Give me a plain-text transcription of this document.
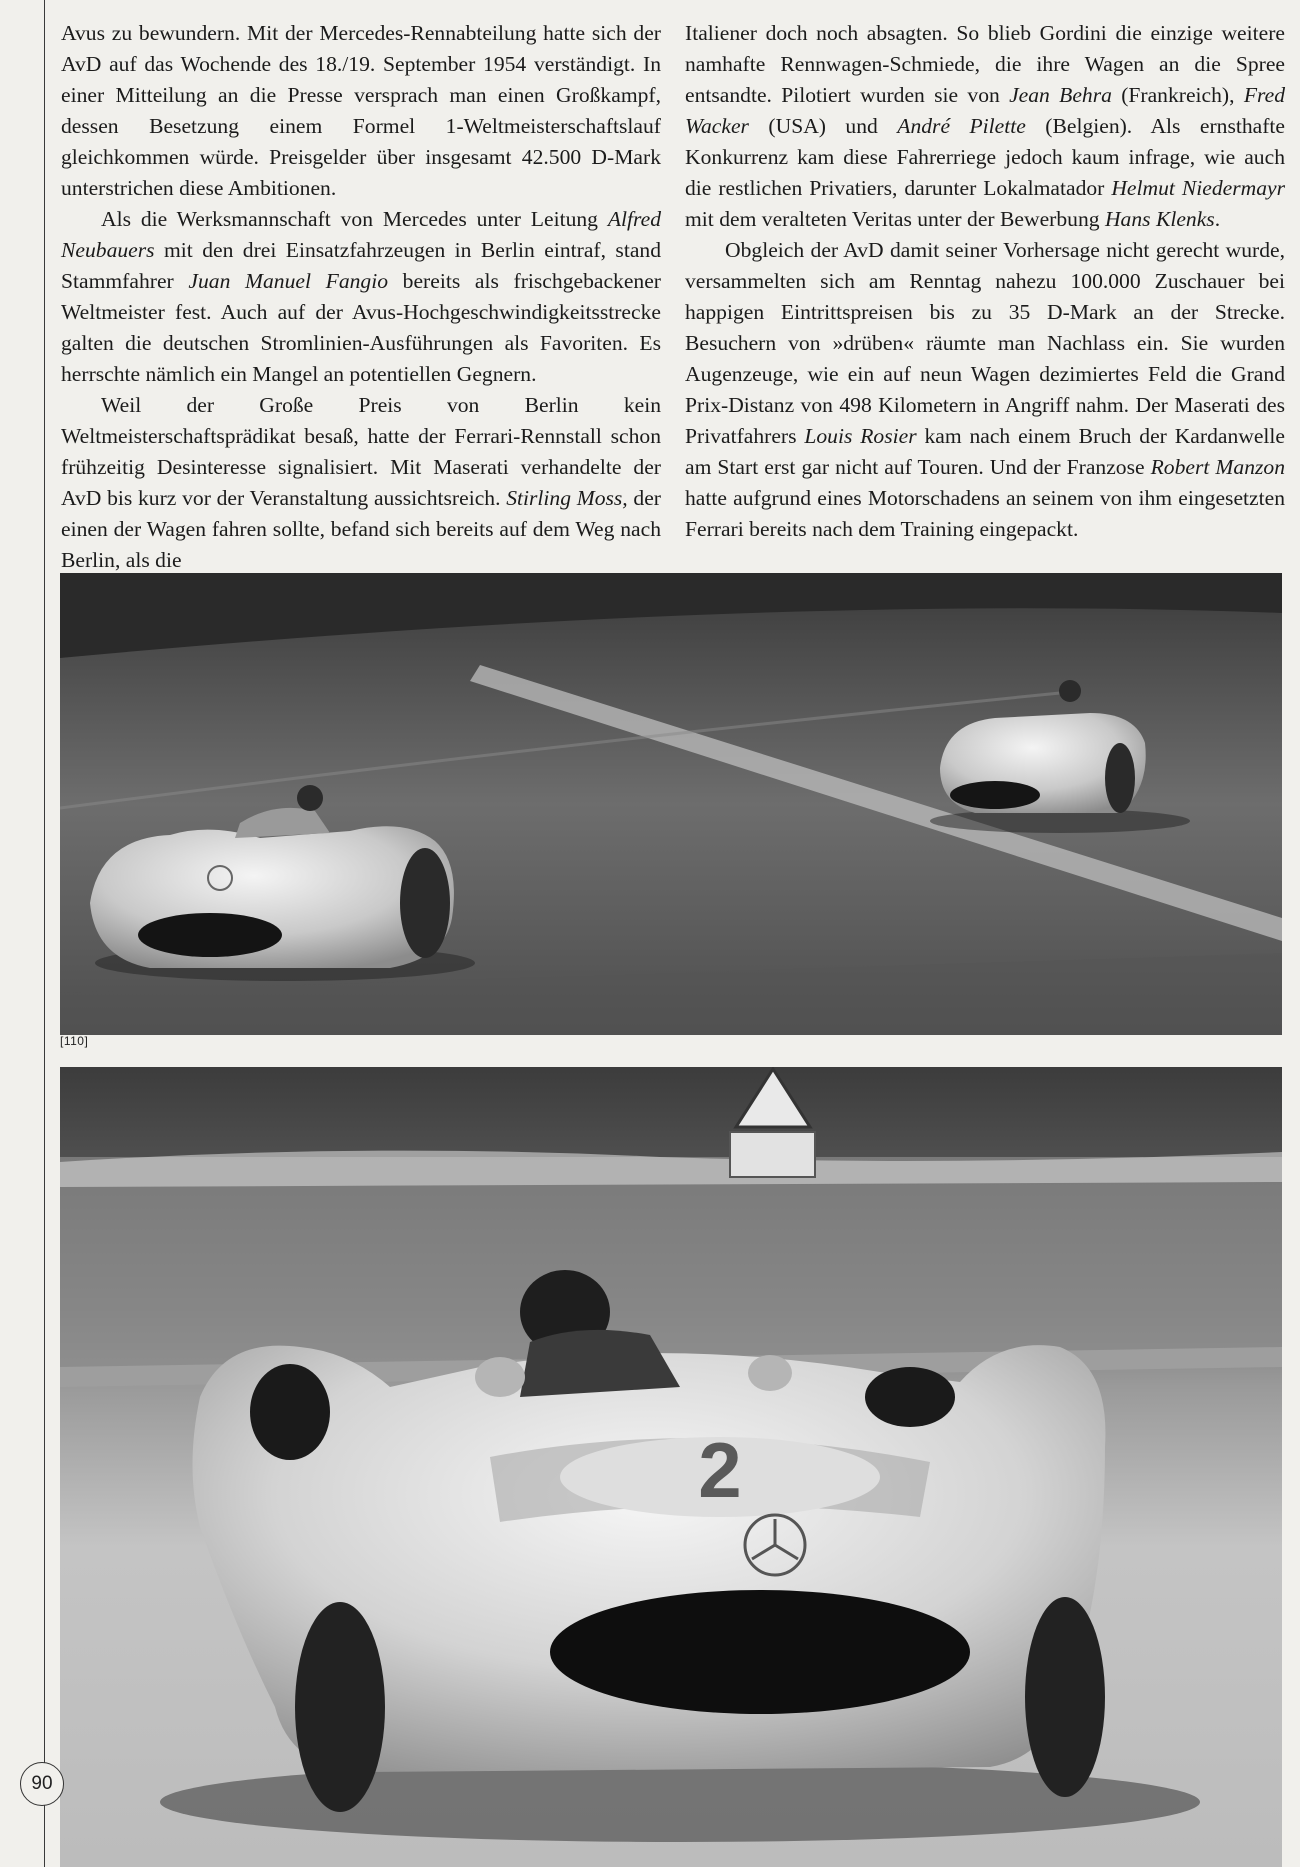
Avus zu bewundern. Mit der Mercedes-Rennabteilung hatte sich der AvD auf das Wochende des 18./19. September 1954 verständigt. In einer Mitteilung an die Presse versprach man einen Großkampf, dessen Besetzung einem Formel 1-Weltmeisterschaftslauf gleichkommen würde. Preisgelder über insgesamt 42.500 D-Mark unterstrichen diese Ambitionen.

Als die Werksmannschaft von Mercedes unter Leitung Alfred Neubauers mit den drei Einsatzfahrzeugen in Berlin eintraf, stand Stammfahrer Juan Manuel Fangio bereits als frischgebackener Weltmeister fest. Auch auf der Avus-Hochgeschwindigkeitsstrecke galten die deutschen Stromlinien-Ausführungen als Favoriten. Es herrschte nämlich ein Mangel an potentiellen Gegnern.

Weil der Große Preis von Berlin kein Weltmeisterschaftsprädikat besaß, hatte der Ferrari-Rennstall schon frühzeitig Desinteresse signalisiert. Mit Maserati verhandelte der AvD bis kurz vor der Veranstaltung aussichtsreich. Stirling Moss, der einen der Wagen fahren sollte, befand sich bereits auf dem Weg nach Berlin, als die

Italiener doch noch absagten. So blieb Gordini die einzige weitere namhafte Rennwagen-Schmiede, die ihre Wagen an die Spree entsandte. Pilotiert wurden sie von Jean Behra (Frankreich), Fred Wacker (USA) und André Pilette (Belgien). Als ernsthafte Konkurrenz kam diese Fahrerriege jedoch kaum infrage, wie auch die restlichen Privatiers, darunter Lokalmatador Helmut Niedermayr mit dem veralteten Veritas unter der Bewerbung Hans Klenks.

Obgleich der AvD damit seiner Vorhersage nicht gerecht wurde, versammelten sich am Renntag nahezu 100.000 Zuschauer bei happigen Eintrittspreisen bis zu 35 D-Mark an der Strecke. Besuchern von »drüben« räumte man Nachlass ein. Sie wurden Augenzeuge, wie ein auf neun Wagen dezimiertes Feld die Grand Prix-Distanz von 498 Kilometern in Angriff nahm. Der Maserati des Privatfahrers Louis Rosier kam nach einem Bruch der Kardanwelle am Start erst gar nicht auf Touren. Und der Franzose Robert Manzon hatte aufgrund eines Motorschadens an seinem von ihm eingesetzten Ferrari bereits nach dem Training eingepackt.

[110]
2
90
